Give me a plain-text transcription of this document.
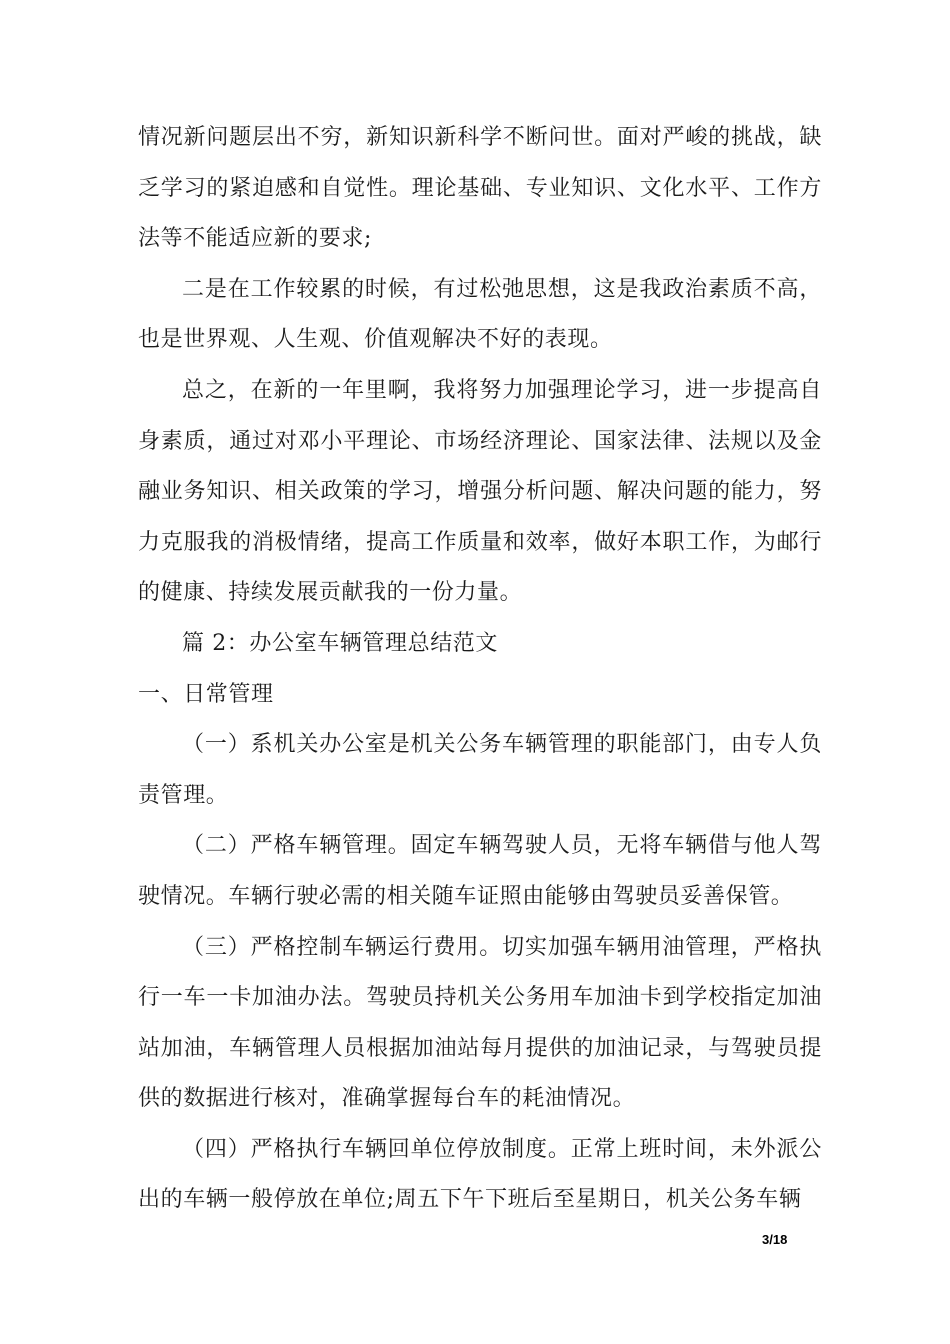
情况新问题层出不穷，新知识新科学不断问世。面对严峻的挑战，缺乏学习的紧迫感和自觉性。理论基础、专业知识、文化水平、工作方法等不能适应新的要求;

二是在工作较累的时候，有过松弛思想，这是我政治素质不高，也是世界观、人生观、价值观解决不好的表现。

总之，在新的一年里啊，我将努力加强理论学习，进一步提高自身素质，通过对邓小平理论、市场经济理论、国家法律、法规以及金融业务知识、相关政策的学习，增强分析问题、解决问题的能力，努力克服我的消极情绪，提高工作质量和效率，做好本职工作，为邮行的健康、持续发展贡献我的一份力量。

篇 2：办公室车辆管理总结范文

一、日常管理

（一）系机关办公室是机关公务车辆管理的职能部门，由专人负责管理。

（二）严格车辆管理。固定车辆驾驶人员，无将车辆借与他人驾驶情况。车辆行驶必需的相关随车证照由能够由驾驶员妥善保管。

（三）严格控制车辆运行费用。切实加强车辆用油管理，严格执行一车一卡加油办法。驾驶员持机关公务用车加油卡到学校指定加油站加油，车辆管理人员根据加油站每月提供的加油记录，与驾驶员提供的数据进行核对，准确掌握每台车的耗油情况。

（四）严格执行车辆回单位停放制度。正常上班时间，未外派公出的车辆一般停放在单位;周五下午下班后至星期日，机关公务车辆

3/18
